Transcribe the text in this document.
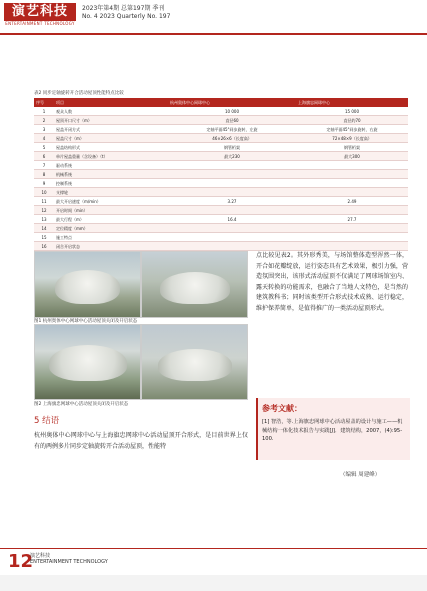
演艺科技
ENTERTAINMENT TECHNOLOGY
2023年第4期 总第197期 季刊
No. 4 2023 Quarterly No. 197
表2 同步定轴旋转开合活动屋顶性能特点比较
序号	项目	杭州奥体中心网球中心	上海旗忠网球中心
1	观众人数	10 000	15 000
2	屋顶开口尺寸（m）	直径60	直径约70
3	屋盖开闭方式	定轴平面45°同步旋转，左旋	定轴平面45°同步旋转，右旋
4	屋盖尺寸（m）	46×26×6（长度高）	72×48×9（长度高）
5	屋盖结构形式	钢管桁架	钢管桁架
6	单片屋盖重量（含设备）（t）	最大230	最大300
7	驱动系统		
8	机械系统		
9	控制系统		
10	支撑轮		
11	最大开启速度（m/min）	3.27	2.49
12	开启时间（min）		
13	最大行程（m）	16.4	27.7
14	定位精度（mm）		
15	施工特点		
16	闭合开启状态		
图1 杭州奥体中心网球中心活动屋顶关闭及开启状态
图2 上海旗忠网球中心活动屋顶关闭及开启状态
点比较见表2。其外形秀美，与场馆整体造型浑然一体，开合如花瓣绽放，运行姿态具有艺术效果，极引力强，营造氛围突出，该形式活动屋顶不仅满足了网球场馆室内、露天转换的功能需求，也融合了当地人文特色，是当然的建筑教科书；同时该类型开合形式技术成熟、运行稳定，维护保养简单，是值得推广的一类活动屋顶形式。
参考文献：
[1] 智浩，等.上海旗忠网球中心活动屋盖的设计与施工——机械结构一体化技术报告与实践[J]．建筑结构，2007，(4):95-100.
（编辑 周建峰）
5 结语
杭州奥体中心网球中心与上海旗忠网球中心活动屋顶开合形式，是目前世界上仅有的两例多片同步定轴旋转开合活动屋顶，性能特
12
演艺科技
ENTERTAINMENT TECHNOLOGY
